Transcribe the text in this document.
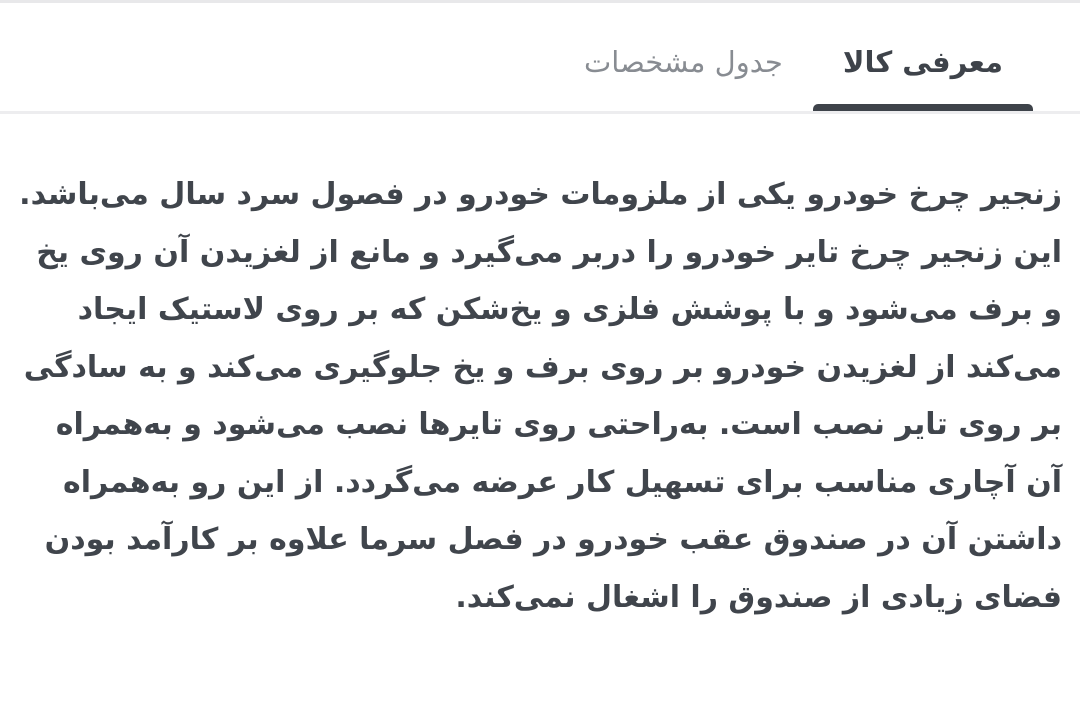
معرفی کالا
جدول مشخصات
زنجیر چرخ خودرو یکی از ملزومات خودرو در فصول سرد سال می‌باشد.
این زنجیر چرخ تایر خودرو را دربر می‌گیرد و مانع از لغزیدن آن روی یخ
و برف می‌شود و با پوشش فلزی و یخ‌شکن که بر روی لاستیک ایجاد
می‌کند از لغزیدن خودرو بر روی برف و یخ جلوگیری می‌کند و به سادگی
بر روی تایر نصب است. به‌راحتی روی تایرها نصب می‌شود و به‌همراه
آن آچاری مناسب برای تسهیل کار عرضه می‌گردد. از این رو به‌همراه
داشتن آن در صندوق عقب خودرو در فصل سرما علاوه بر کارآمد بودن
فضای زیادی از صندوق را اشغال نمی‌کند.
